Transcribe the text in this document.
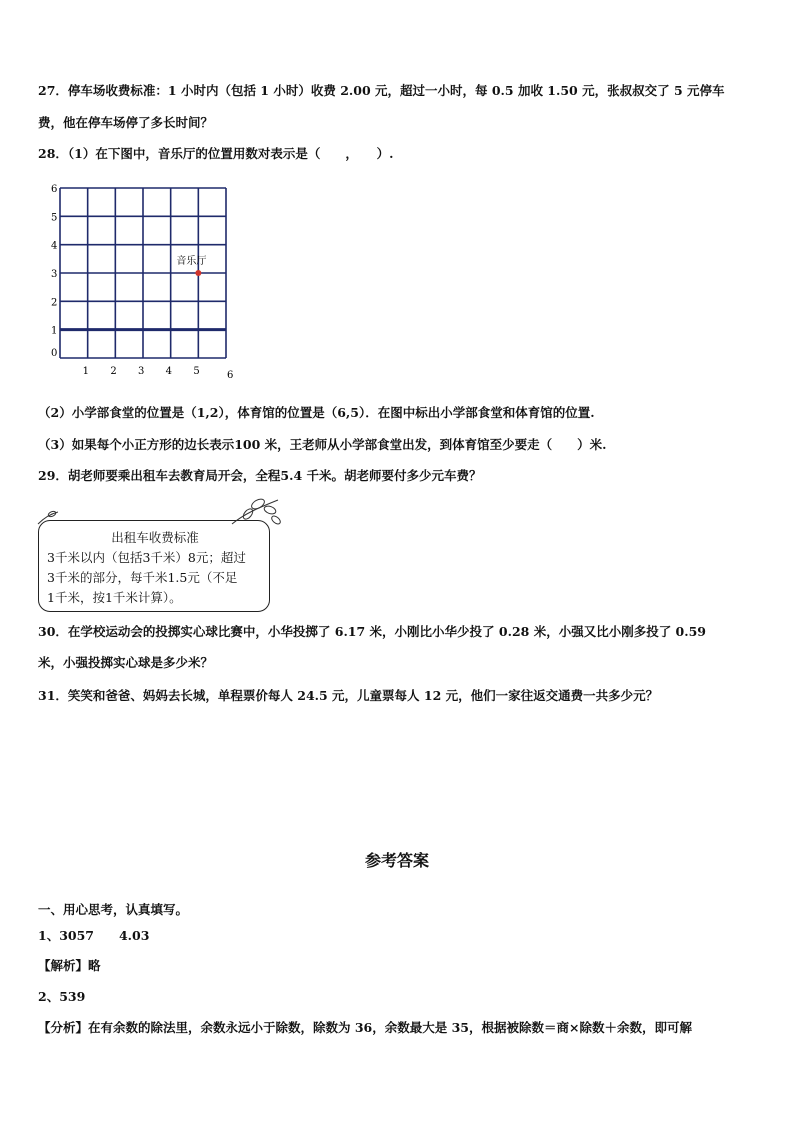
27．停车场收费标准：1 小时内（包括 1 小时）收费 2.00 元，超过一小时，每 0.5 加收 1.50 元，张叔叔交了 5 元停车
费，他在停车场停了多长时间？
28．（1）在下图中，音乐厅的位置用数对表示是（　　，　　）.
0
1
2
3
4
5
6
1 2 3 4 5	6
音乐厅
（2）小学部食堂的位置是（1,2），体育馆的位置是（6,5）．在图中标出小学部食堂和体育馆的位置.
（3）如果每个小正方形的边长表示100 米，王老师从小学部食堂出发，到体育馆至少要走（　　）米.
29．胡老师要乘出租车去教育局开会，全程5.4 千米。胡老师要付多少元车费？
出租车收费标准
3千米以内（包括3千米）8元；超过
3千米的部分，每千米1.5元（不足
1千米，按1千米计算）。
30．在学校运动会的投掷实心球比赛中，小华投掷了 6.17 米，小刚比小华少投了 0.28 米，小强又比小刚多投了 0.59
米，小强投掷实心球是多少米？
31．笑笑和爸爸、妈妈去长城，单程票价每人 24.5 元，儿童票每人 12 元，他们一家往返交通费一共多少元？
参考答案
一、用心思考，认真填写。
1、3057　　4.03
【解析】略
2、539
【分析】在有余数的除法里，余数永远小于除数，除数为 36，余数最大是 35，根据被除数＝商×除数＋余数，即可解
